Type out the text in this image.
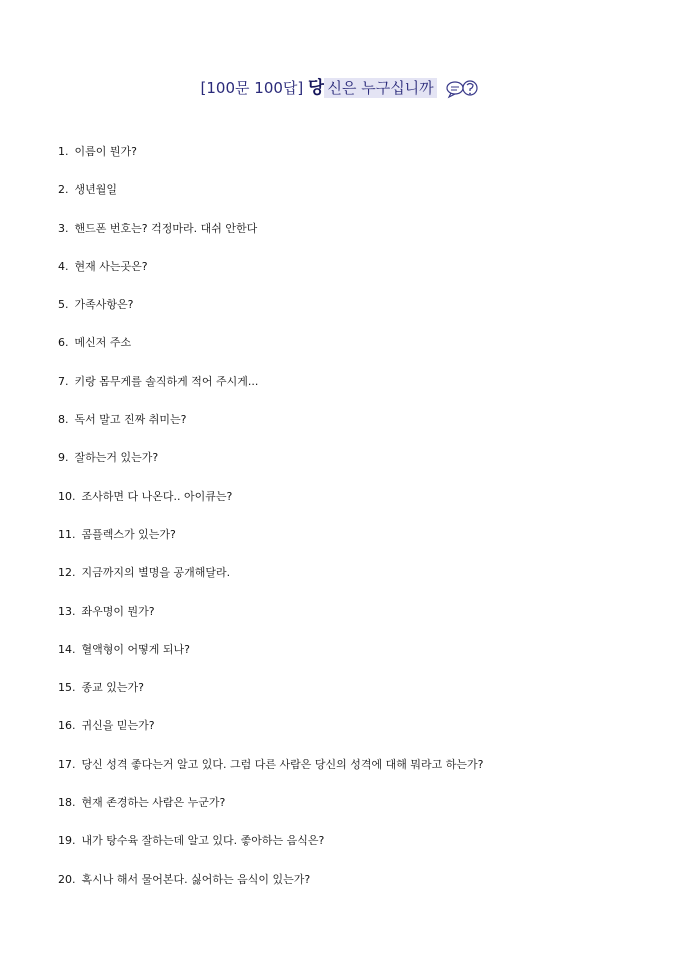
[100문 100답] 당 신은 누구십니까
1. 이름이 뭔가?
2. 생년월일
3. 핸드폰 번호는? 걱정마라. 대쉬 안한다
4. 현재 사는곳은?
5. 가족사항은?
6. 메신저 주소
7. 키랑 몸무게를 솔직하게 적어 주시게...
8. 독서 말고 진짜 취미는?
9. 잘하는거 있는가?
10. 조사하면 다 나온다.. 아이큐는?
11. 콤플렉스가 있는가?
12. 지금까지의 별명을 공개해달라.
13. 좌우명이 뭔가?
14. 혈액형이 어떻게 되나?
15. 종교 있는가?
16. 귀신을 믿는가?
17. 당신 성격 좋다는거 알고 있다. 그럼 다른 사람은 당신의 성격에 대해 뭐라고 하는가?
18. 현재 존경하는 사람은 누군가?
19. 내가 탕수육 잘하는데 알고 있다. 좋아하는 음식은?
20. 혹시나 해서 물어본다. 싫어하는 음식이 있는가?
